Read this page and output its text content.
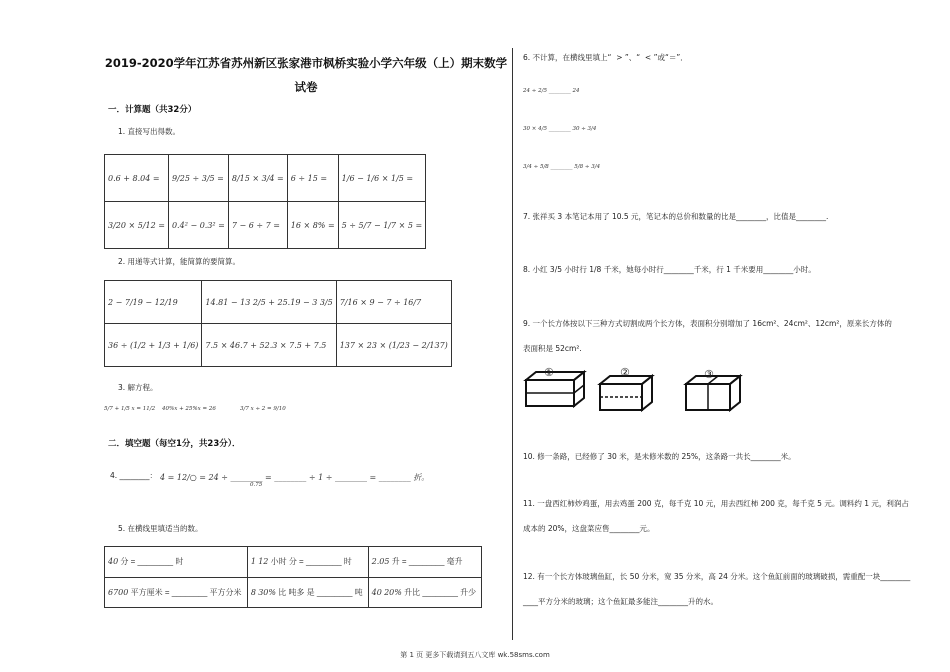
2019-2020学年江苏省苏州新区张家港市枫桥实验小学六年级（上）期末数学
试卷
一．计算题（共32分）
1. 直接写出得数。
0.6 + 8.04 =	9/25 ÷ 3/5 =	8/15 × 3/4 =	6 ÷ 15 =	1/6 − 1/6 × 1/5 =
3/20 × 5/12 =	0.4² − 0.3² =	7 − 6 ÷ 7 =	16 × 8% =	5 ÷ 5/7 − 1/7 × 5 =
2. 用递等式计算，能简算的要简算。
2 − 7/19 − 12/19	14.81 − 13 2/5 + 25.19 − 3 3/5	7/16 × 9 − 7 ÷ 16/7
36 ÷ (1/2 + 1/3 + 1/6)	7.5 × 46.7 + 52.3 × 7.5 + 7.5	137 × 23 × (1/23 − 2/137)
3. 解方程。
5/7 + 1/5 x = 11/2 40%x + 25%x = 26	3/7 x ÷ 2 = 9/10
二．填空题（每空1分，共23分）．
4. ________： 4 = 12/○ = 24 ÷ ________ = ________ ÷ 1 ÷ ________ = ________ 折。
0.75
5. 在横线里填适当的数。
40 分 = ________ 时	1 12 小时 分 = ________ 时	2.05 升 = ________ 毫升
6700 平方厘米 = ________ 平方分米	8 30% 比 吨多 是 ________ 吨	40 20% 升比 ________ 升少
6. 不计算，在横线里填上“  > ”、“  < ”或“＝”．
24 ÷ 2/5 ________ 24
30 × 4/5 ________ 30 ÷ 3/4
3/4 ÷ 5/8 ________ 5/8 ÷ 3/4
7. 张祥买 3 本笔记本用了 10.5 元，笔记本的总价和数量的比是________，比值是________.
8. 小红 3/5 小时行 1/8 千米，她每小时行________千米，行 1 千米要用________小时。
9. 一个长方体按以下三种方式切割成两个长方体，表面积分别增加了 16cm²、24cm²、12cm²，原来长方体的
表面积是 52cm².
①	②	③
10. 修一条路，已经修了 30 米，是未修米数的 25%，这条路一共长________米。
11. 一盘西红柿炒鸡蛋，用去鸡蛋 200 克，每千克 10 元，用去西红柿 200 克，每千克 5 元。调料约 1 元，利润占
成本的 20%，这盘菜应售________元。
12. 有一个长方体玻璃鱼缸，长 50 分米，宽 35 分米，高 24 分米。这个鱼缸前面的玻璃破损，需重配一块________
____平方分米的玻璃；这个鱼缸最多能注________升的水。
第 1 页 更多下载请到五八文库 wk.58sms.com
